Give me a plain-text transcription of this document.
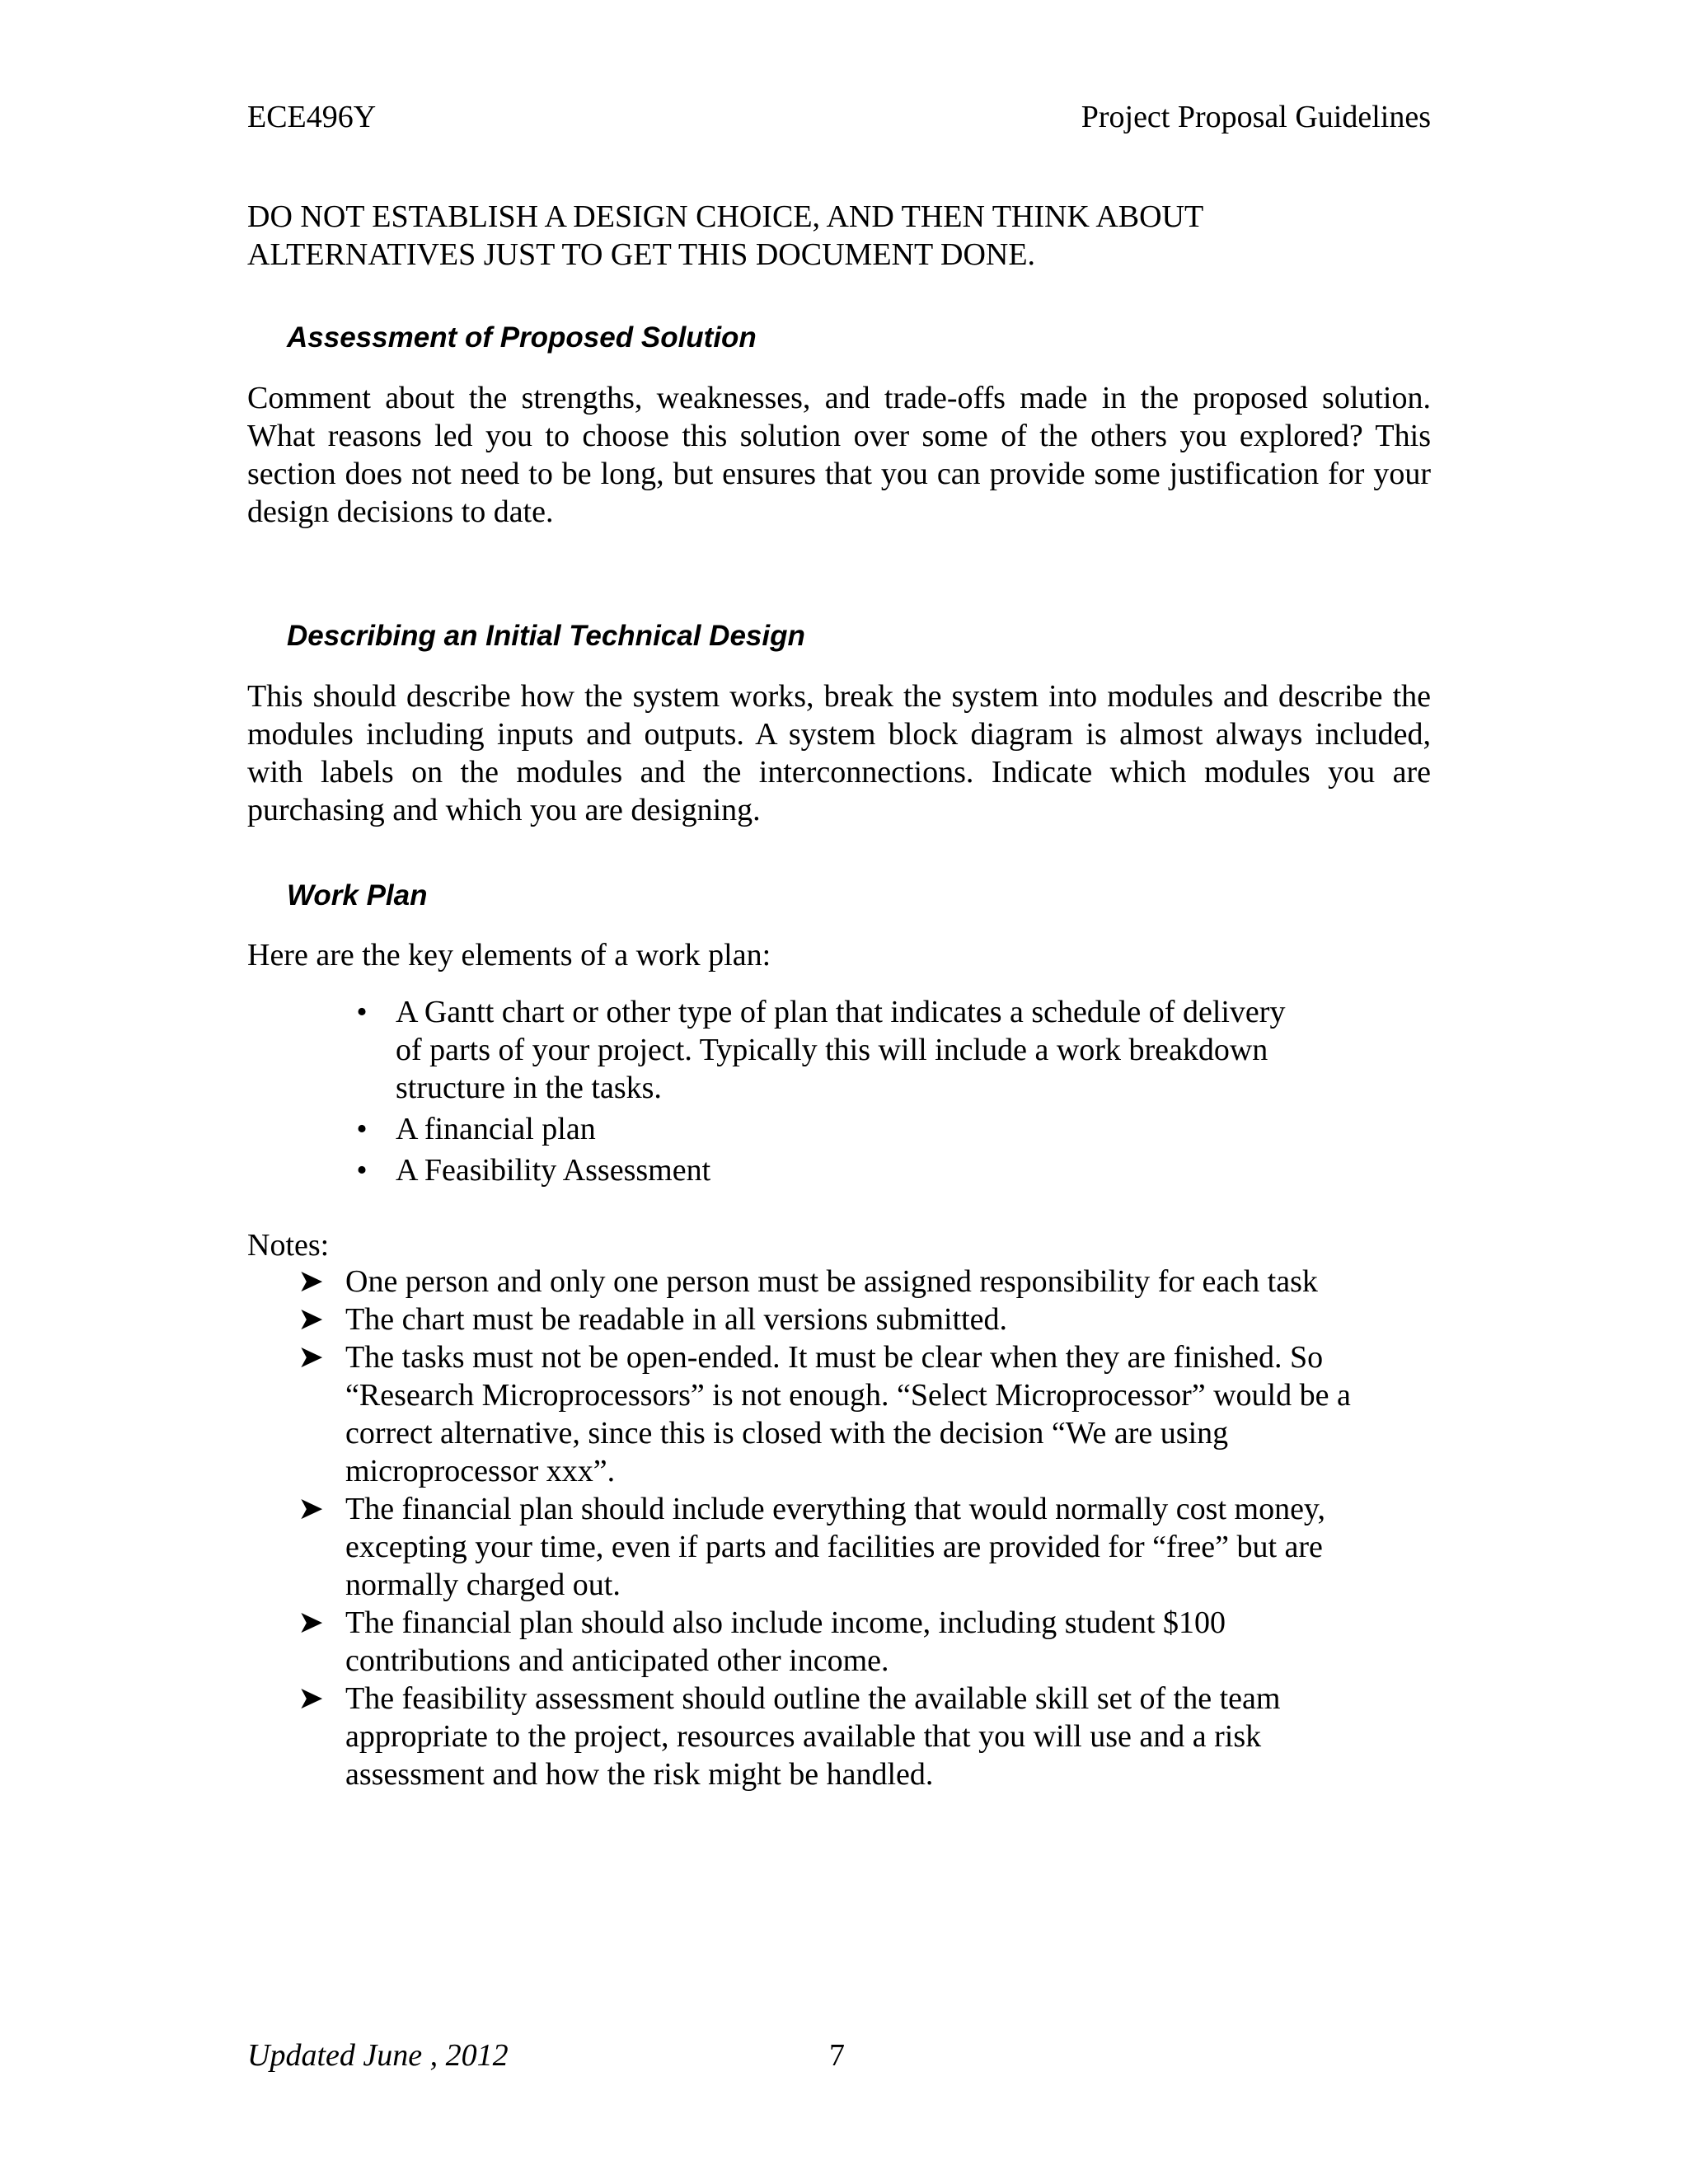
ECE496Y	Project Proposal Guidelines
DO NOT ESTABLISH A DESIGN CHOICE, AND THEN THINK ABOUT ALTERNATIVES JUST TO GET THIS DOCUMENT DONE.
Assessment of Proposed Solution
Comment about the strengths, weaknesses, and trade-offs made in the proposed solution. What reasons led you to choose this solution over some of the others you explored? This section does not need to be long, but ensures that you can provide some justification for your design decisions to date.
Describing an Initial Technical Design
This should describe how the system works, break the system into modules and describe the modules including inputs and outputs. A system block diagram is almost always included, with labels on the modules and the interconnections. Indicate which modules you are purchasing and which you are designing.
Work Plan
Here are the key elements of a work plan:
• A Gantt chart or other type of plan that indicates a schedule of delivery of parts of your project. Typically this will include a work breakdown structure in the tasks.
• A financial plan
• A Feasibility Assessment
Notes:
➤ One person and only one person must be assigned responsibility for each task
➤ The chart must be readable in all versions submitted.
➤ The tasks must not be open-ended. It must be clear when they are finished. So “Research Microprocessors” is not enough. “Select Microprocessor” would be a correct alternative, since this is closed with the decision “We are using microprocessor xxx”.
➤ The financial plan should include everything that would normally cost money, excepting your time, even if parts and facilities are provided for “free” but are normally charged out.
➤ The financial plan should also include income, including student $100 contributions and anticipated other income.
➤ The feasibility assessment should outline the available skill set of the team appropriate to the project, resources available that you will use and a risk assessment and how the risk might be handled.
Updated June , 2012	7
